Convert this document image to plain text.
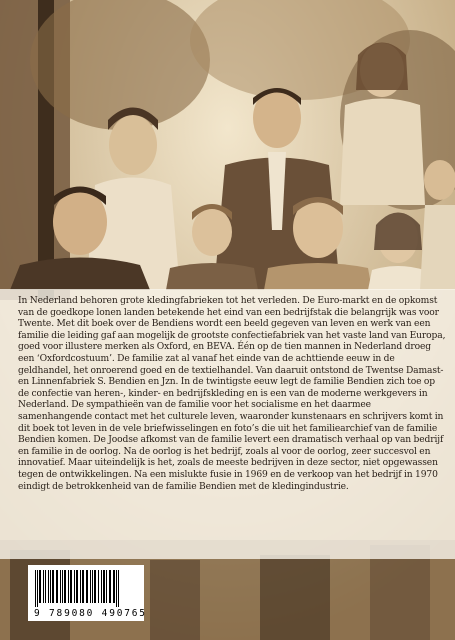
In Nederland behoren grote kledingfabrieken tot het verleden. De Euro-markt en de opkomst van de goedkope lonen landen betekende het eind van een bedrijfstak die belangrijk was voor Twente. Met dit boek over de Bendiens wordt een beeld gegeven van leven en werk van een familie die leiding gaf aan mogelijk de grootste confectiefabriek van het vaste land van Europa, goed voor illustere merken als Oxford, en BEVA. Één op de tien mannen in Nederland droeg een ‘Oxfordcostuum’. De familie zat al vanaf het einde van de achttiende eeuw in de geldhandel, het onroerend goed en de textielhandel. Van daaruit ontstond de Twentse Damast- en Linnenfabriek S. Bendien en Jzn. In de twintigste eeuw legt de familie Bendien zich toe op de confectie van heren-, kinder- en bedrijfskleding en is een van de moderne werkgevers in Nederland. De sympathieën van de familie voor het socialisme en het daarmee samenhangende contact met het culturele leven, waaronder kunstenaars en schrijvers komt in dit boek tot leven in de vele briefwisselingen en foto’s die uit het familiearchief van de familie Bendien komen. De Joodse afkomst van de familie levert een dramatisch verhaal op van bedrijf en familie in de oorlog. Na de oorlog is het bedrijf, zoals al voor de oorlog, zeer succesvol en innovatief. Maar uiteindelijk is het, zoals de meeste bedrijven in deze sector, niet opgewassen tegen de ontwikkelingen. Na een mislukte fusie in 1969 en de verkoop van het bedrijf in 1970 eindigt de betrokkenheid van de familie Bendien met de kledingindustrie.

9 789080 490765
